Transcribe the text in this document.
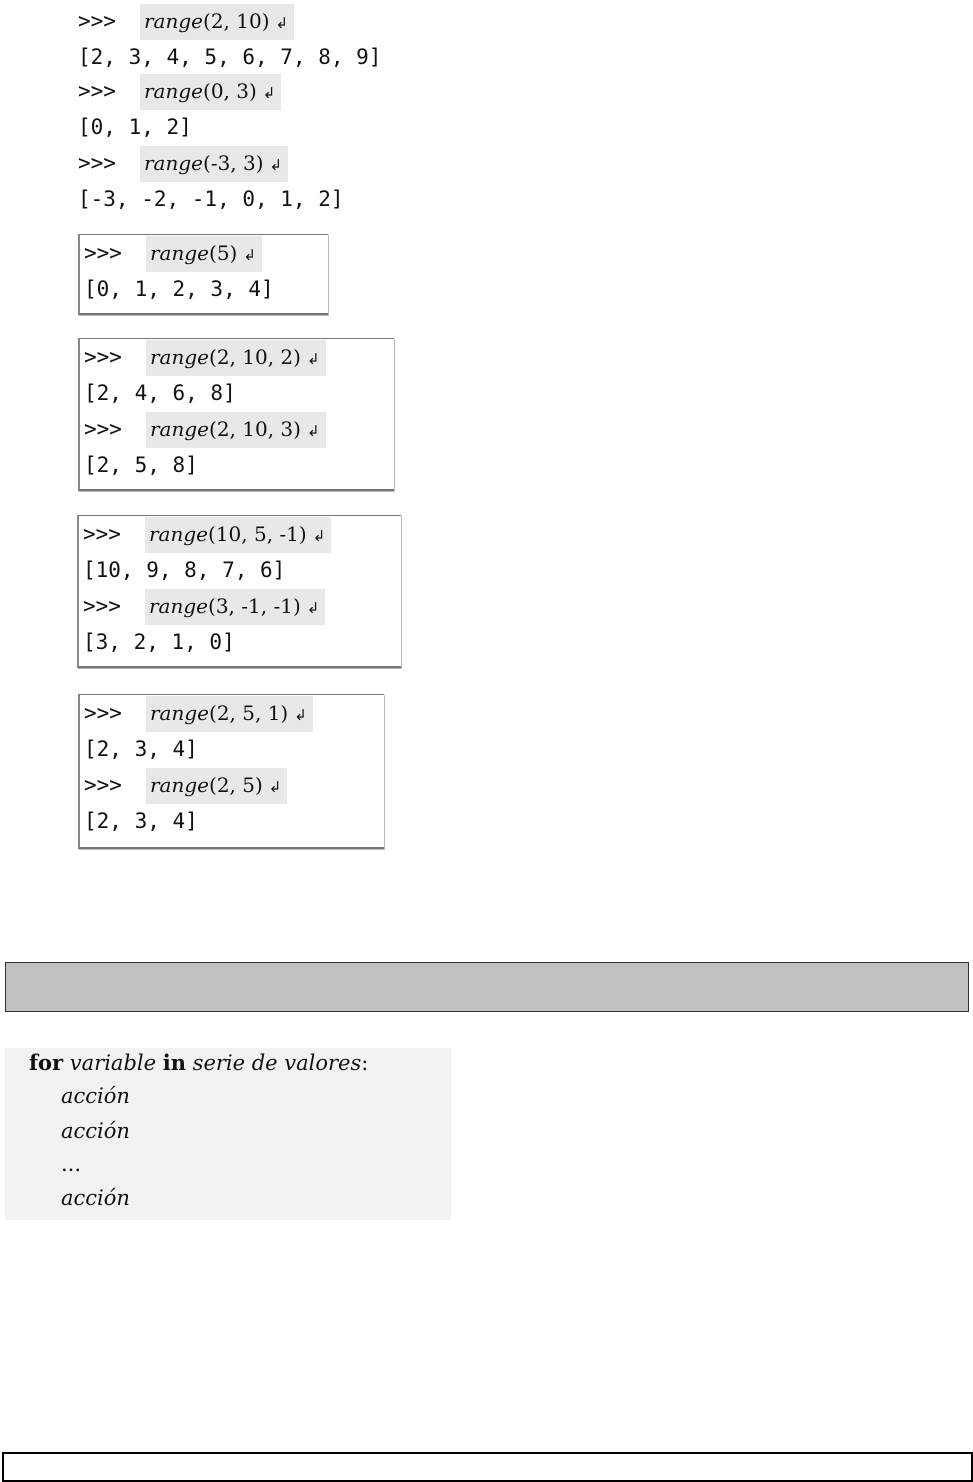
>>> range(2, 10) ↲
[2, 3, 4, 5, 6, 7, 8, 9]
>>> range(0, 3) ↲
[0, 1, 2]
>>> range(-3, 3) ↲
[-3, -2, -1, 0, 1, 2]
>>> range(5) ↲
[0, 1, 2, 3, 4]
>>> range(2, 10, 2) ↲
[2, 4, 6, 8]
>>> range(2, 10, 3) ↲
[2, 5, 8]
>>> range(10, 5, -1) ↲
[10, 9, 8, 7, 6]
>>> range(3, -1, -1) ↲
[3, 2, 1, 0]
>>> range(2, 5, 1) ↲
[2, 3, 4]
>>> range(2, 5) ↲
[2, 3, 4]
for variable in serie de valores:
acción
acción
...
acción
